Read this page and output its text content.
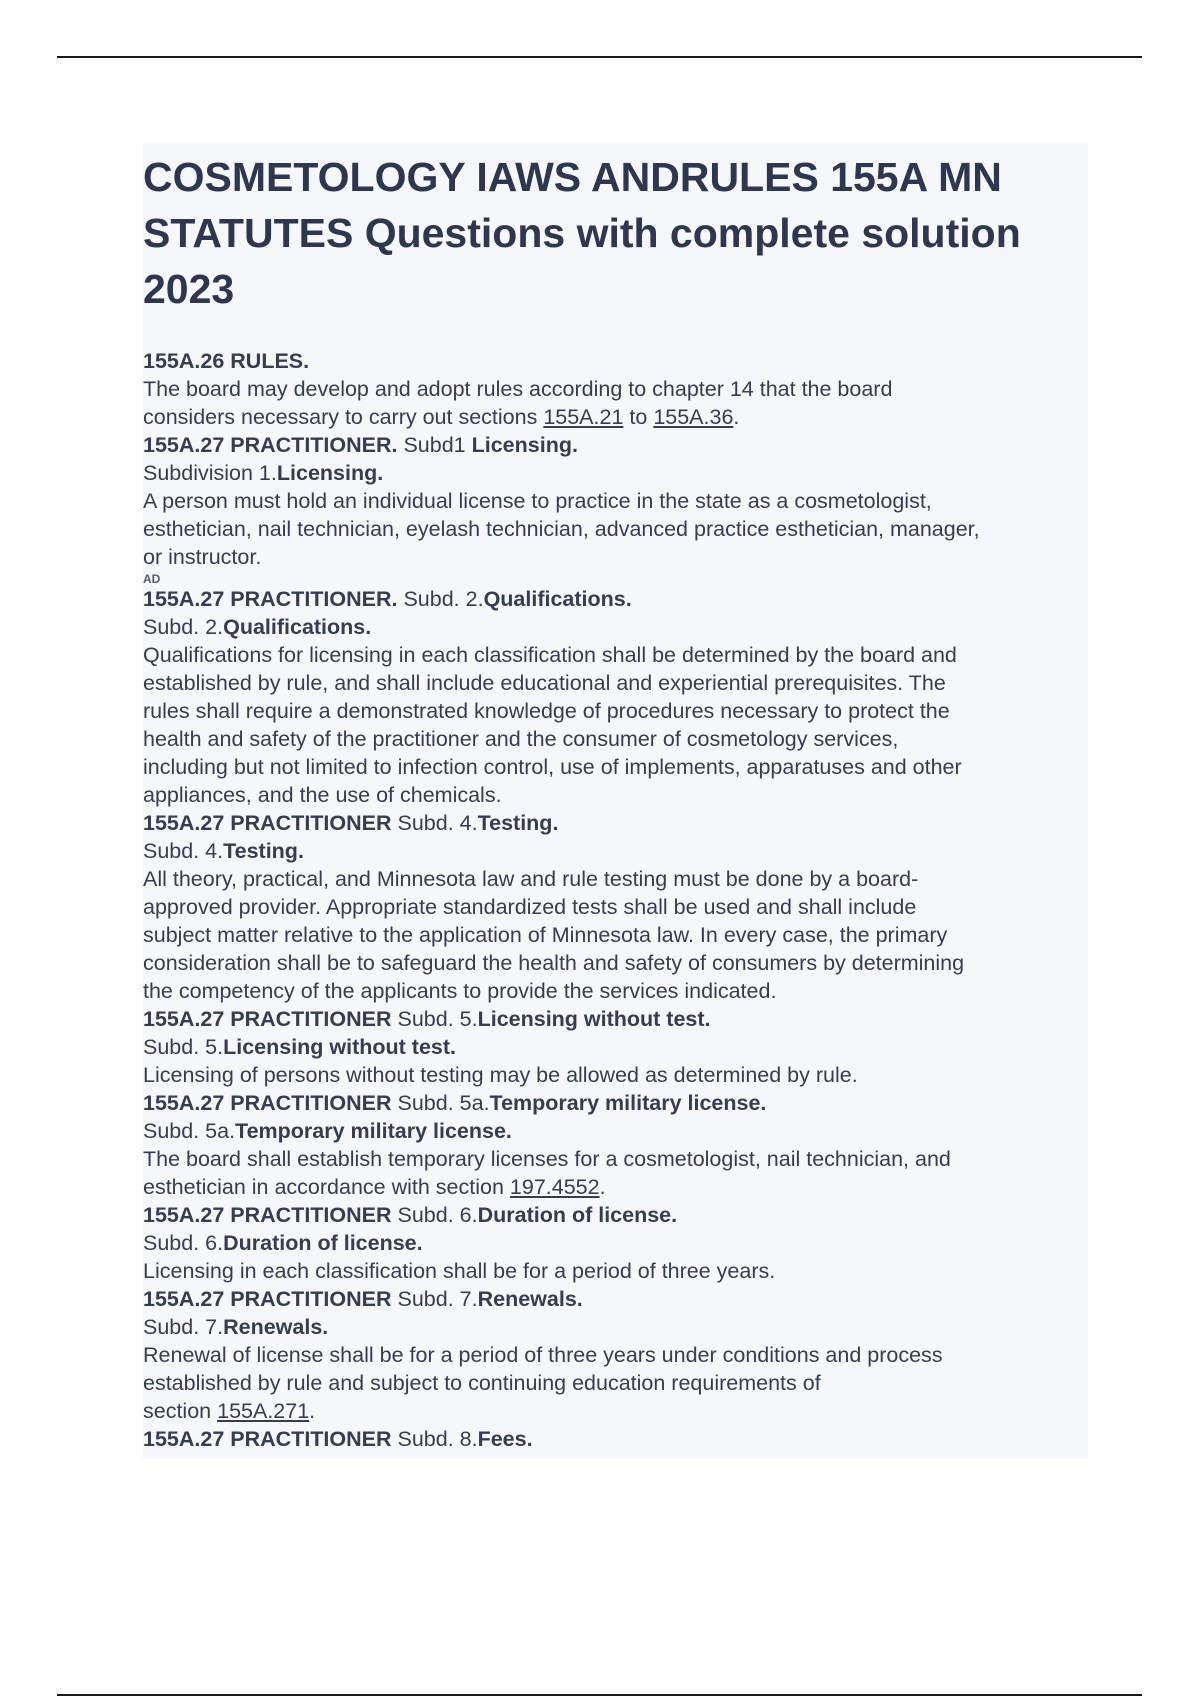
COSMETOLOGY IAWS ANDRULES 155A MN STATUTES Questions with complete solution 2023
155A.26 RULES.
The board may develop and adopt rules according to chapter 14 that the board
considers necessary to carry out sections 155A.21 to 155A.36.
155A.27 PRACTITIONER. Subd1 Licensing.
Subdivision 1.Licensing.
A person must hold an individual license to practice in the state as a cosmetologist,
esthetician, nail technician, eyelash technician, advanced practice esthetician, manager,
or instructor.
AD
155A.27 PRACTITIONER. Subd. 2.Qualifications.
Subd. 2.Qualifications.
Qualifications for licensing in each classification shall be determined by the board and
established by rule, and shall include educational and experiential prerequisites. The
rules shall require a demonstrated knowledge of procedures necessary to protect the
health and safety of the practitioner and the consumer of cosmetology services,
including but not limited to infection control, use of implements, apparatuses and other
appliances, and the use of chemicals.
155A.27 PRACTITIONER Subd. 4.Testing.
Subd. 4.Testing.
All theory, practical, and Minnesota law and rule testing must be done by a board-
approved provider. Appropriate standardized tests shall be used and shall include
subject matter relative to the application of Minnesota law. In every case, the primary
consideration shall be to safeguard the health and safety of consumers by determining
the competency of the applicants to provide the services indicated.
155A.27 PRACTITIONER Subd. 5.Licensing without test.
Subd. 5.Licensing without test.
Licensing of persons without testing may be allowed as determined by rule.
155A.27 PRACTITIONER Subd. 5a.Temporary military license.
Subd. 5a.Temporary military license.
The board shall establish temporary licenses for a cosmetologist, nail technician, and
esthetician in accordance with section 197.4552.
155A.27 PRACTITIONER Subd. 6.Duration of license.
Subd. 6.Duration of license.
Licensing in each classification shall be for a period of three years.
155A.27 PRACTITIONER Subd. 7.Renewals.
Subd. 7.Renewals.
Renewal of license shall be for a period of three years under conditions and process
established by rule and subject to continuing education requirements of
section 155A.271.
155A.27 PRACTITIONER Subd. 8.Fees.
